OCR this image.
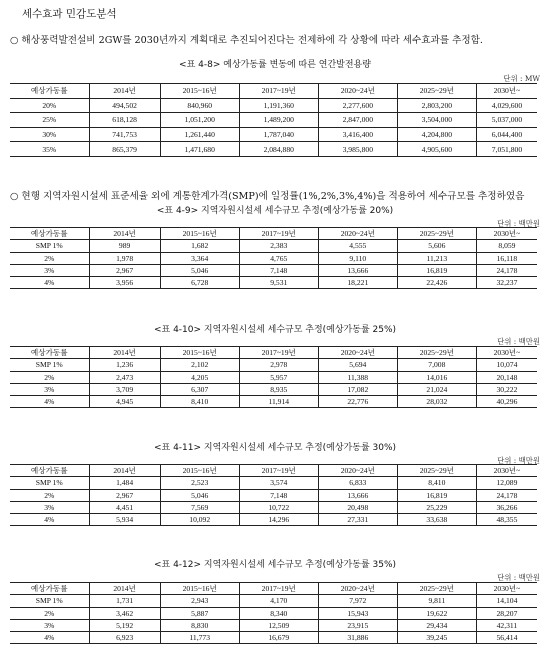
세수효과 민감도분석
○ 해상풍력발전설비 2GW를 2030년까지 계획대로 추진되어진다는 전제하에 각 상황에 따라 세수효과를 추정함.
<표 4-8> 예상가동률 변동에 따른 연간발전용량
단위 : MW
예상가동률	2014년	2015~16년	2017~19년	2020~24년	2025~29년	2030년~
20%	494,502	840,960	1,191,360	2,277,600	2,803,200	4,029,600
25%	618,128	1,051,200	1,489,200	2,847,000	3,504,000	5,037,000
30%	741,753	1,261,440	1,787,040	3,416,400	4,204,800	6,044,400
35%	865,379	1,471,680	2,084,880	3,985,800	4,905,600	7,051,800
○ 현행 지역자원시설세 표준세율 외에 계통한계가격(SMP)에 일정률(1%,2%,3%,4%)을 적용하여 세수규모를 추정하였음
<표 4-9> 지역자원시설세 세수규모 추정(예상가동률 20%)
단위 : 백만원
예상가동률	2014년	2015~16년	2017~19년	2020~24년	2025~29년	2030년~
SMP 1%	989	1,682	2,383	4,555	5,606	8,059
2%	1,978	3,364	4,765	9,110	11,213	16,118
3%	2,967	5,046	7,148	13,666	16,819	24,178
4%	3,956	6,728	9,531	18,221	22,426	32,237
<표 4-10> 지역자원시설세 세수규모 추정(예상가동률 25%)
단위 : 백만원
예상가동률	2014년	2015~16년	2017~19년	2020~24년	2025~29년	2030년~
SMP 1%	1,236	2,102	2,978	5,694	7,008	10,074
2%	2,473	4,205	5,957	11,388	14,016	20,148
3%	3,709	6,307	8,935	17,082	21,024	30,222
4%	4,945	8,410	11,914	22,776	28,032	40,296
<표 4-11> 지역자원시설세 세수규모 추정(예상가동률 30%)
단위 : 백만원
예상가동률	2014년	2015~16년	2017~19년	2020~24년	2025~29년	2030년~
SMP 1%	1,484	2,523	3,574	6,833	8,410	12,089
2%	2,967	5,046	7,148	13,666	16,819	24,178
3%	4,451	7,569	10,722	20,498	25,229	36,266
4%	5,934	10,092	14,296	27,331	33,638	48,355
<표 4-12> 지역자원시설세 세수규모 추정(예상가동률 35%)
단위 : 백만원
예상가동률	2014년	2015~16년	2017~19년	2020~24년	2025~29년	2030년~
SMP 1%	1,731	2,943	4,170	7,972	9,811	14,104
2%	3,462	5,887	8,340	15,943	19,622	28,207
3%	5,192	8,830	12,509	23,915	29,434	42,311
4%	6,923	11,773	16,679	31,886	39,245	56,414
